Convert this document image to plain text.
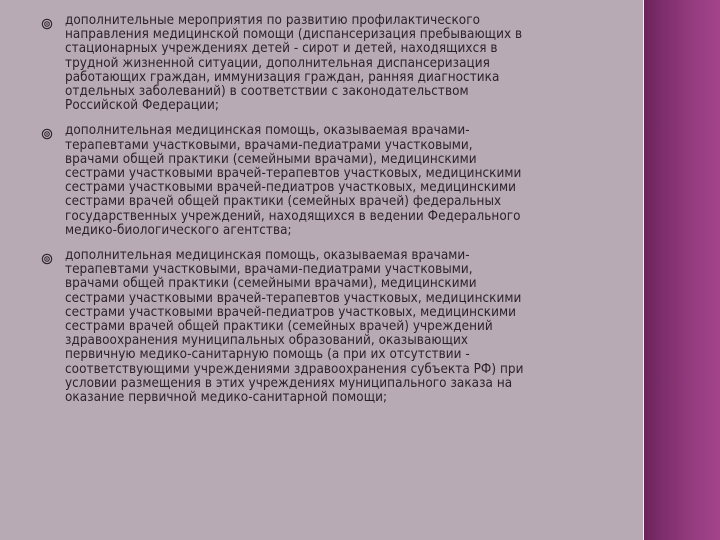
дополнительные мероприятия по развитию профилактического
направления медицинской помощи (диспансеризация пребывающих в
стационарных учреждениях детей - сирот и детей, находящихся в
трудной жизненной ситуации, дополнительная диспансеризация
работающих граждан, иммунизация граждан, ранняя диагностика
отдельных заболеваний) в соответствии с законодательством
Российской Федерации;
дополнительная медицинская помощь, оказываемая врачами-
терапевтами участковыми, врачами-педиатрами участковыми,
врачами общей практики (семейными врачами), медицинскими
сестрами участковыми врачей-терапевтов участковых, медицинскими
сестрами участковыми врачей-педиатров участковых, медицинскими
сестрами врачей общей практики (семейных врачей) федеральных
государственных учреждений, находящихся в ведении Федерального
медико-биологического агентства;
дополнительная медицинская помощь, оказываемая врачами-
терапевтами участковыми, врачами-педиатрами участковыми,
врачами общей практики (семейными врачами), медицинскими
сестрами участковыми врачей-терапевтов участковых, медицинскими
сестрами участковыми врачей-педиатров участковых, медицинскими
сестрами врачей общей практики (семейных врачей) учреждений
здравоохранения муниципальных образований, оказывающих
первичную медико-санитарную помощь (а при их отсутствии -
соответствующими учреждениями здравоохранения субъекта РФ) при
условии размещения в этих учреждениях муниципального заказа на
оказание первичной медико-санитарной помощи;
